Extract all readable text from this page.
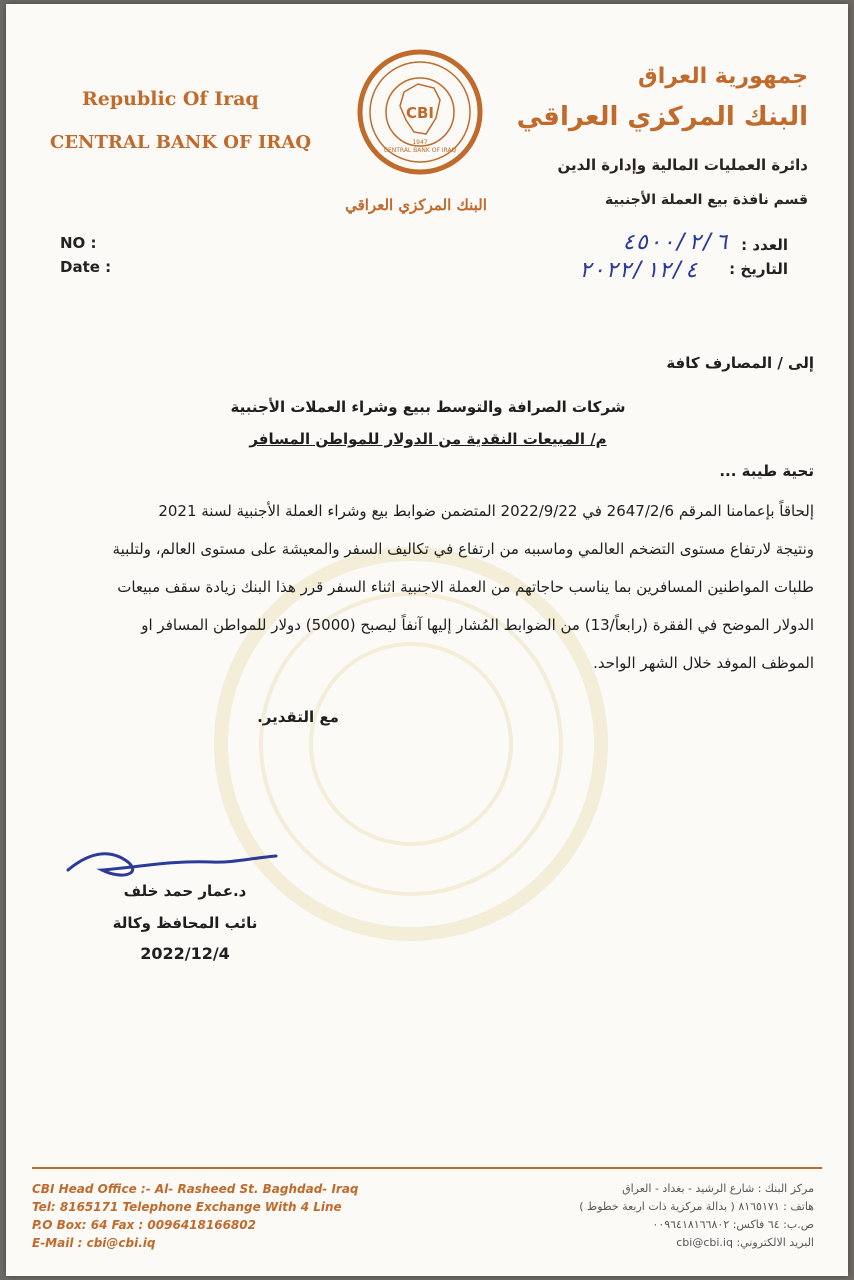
Republic Of Iraq
CENTRAL BANK OF IRAQ
CBI
CENTRAL BANK OF IRAQ
1947
البنك المركزي العراقي
جمهورية العراق
البنك المركزي العراقي
دائرة العمليات المالية وإدارة الدين
قسم نافذة بيع العملة الأجنبية
NO :
Date :
العدد :
٤٥٠٠/٢/٦
التاريخ :
٢٠٢٢/١٢/٤
إلى / المصارف كافة
شركات الصرافة والتوسط ببيع وشراء العملات الأجنبية
م/ المبيعات النقدية من الدولار للمواطن المسافر
تحية طيبة ...
إلحاقاً بإعمامنا المرقم 2647/2/6 في 2022/9/22 المتضمن ضوابط بيع وشراء العملة الأجنبية لسنة 2021
ونتيجة لارتفاع مستوى التضخم العالمي وماسببه من ارتفاع في تكاليف السفر والمعيشة على مستوى العالم، ولتلبية
طلبات المواطنين المسافرين بما يناسب حاجاتهم من العملة الاجنبية اثناء السفر قرر هذا البنك زيادة سقف مبيعات
الدولار الموضح في الفقرة (رابعاً/13) من الضوابط المُشار إليها آنفاً ليصبح (5000) دولار للمواطن المسافر او
الموظف الموفد خلال الشهر الواحد.
مع التقدير.
د.عمار حمد خلف
نائب المحافظ وكالة
2022/12/4
CBI Head Office :- Al- Rasheed St. Baghdad- Iraq
Tel: 8165171 Telephone Exchange With 4 Line
P.O Box: 64 Fax : 0096418166802
E-Mail : cbi@cbi.iq
مركز البنك : شارع الرشيد - بغداد - العراق
هاتف : ٨١٦٥١٧١ ( بدالة مركزية ذات اربعة خطوط )
ص.ب: ٦٤ فاكس: ٠٠٩٦٤١٨١٦٦٨٠٢
البريد الالكتروني: cbi@cbi.iq
